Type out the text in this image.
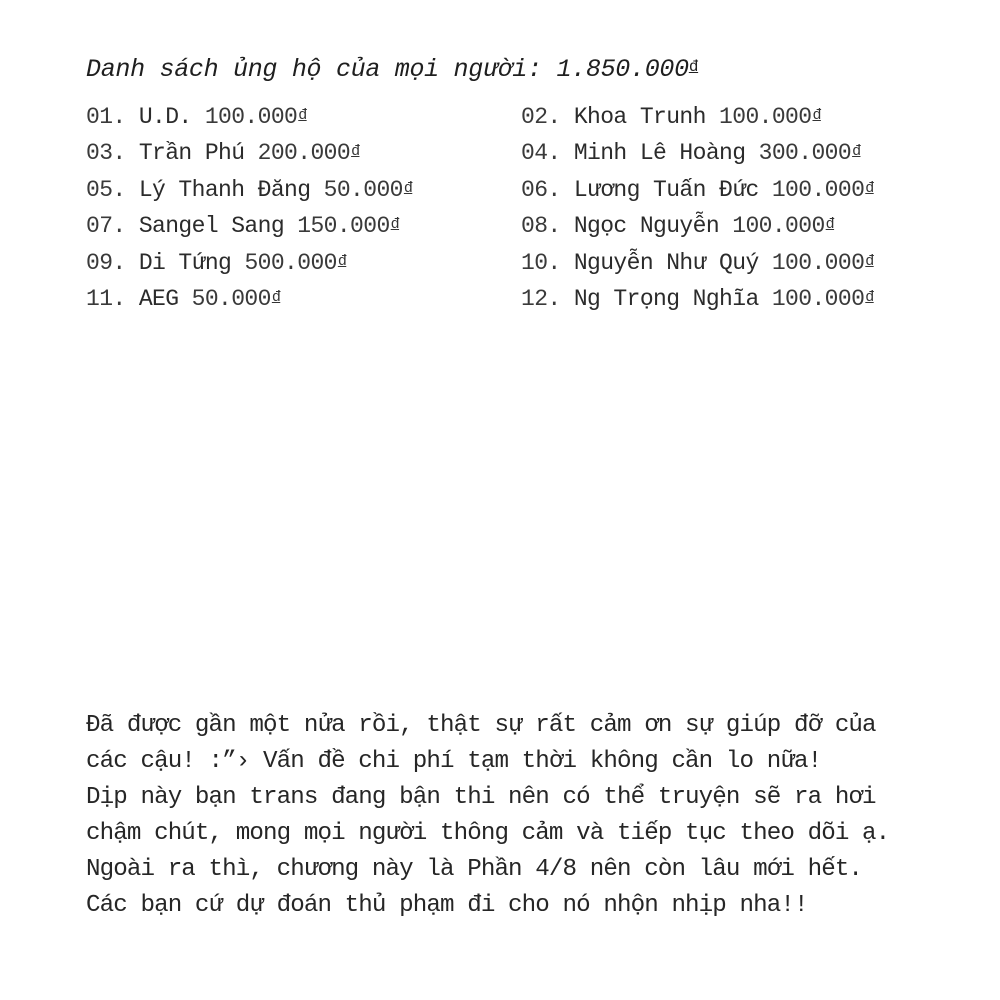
Danh sách ủng hộ của mọi người: $1.850.000^đ$
01. U.D. 100.000đ	02. Khoa Trunh 100.000đ
03. Trần Phú 200.000đ	04. Minh Lê Hoàng 300.000đ
05. Lý Thanh Đăng 50.000đ	06. Lương Tuấn Đức 100.000đ
07. Sangel Sang 150.000đ	08. Ngọc Nguyễn 100.000đ
09. Di Tứng 500.000đ	10. Nguyễn Như Quý 100.000đ
11. AEG 50.000đ	12. Ng Trọng Nghĩa 100.000đ
Đã được gần một nửa rồi, thật sự rất cảm ơn sự giúp đỡ của
các cậu! :”› Vấn đề chi phí tạm thời không cần lo nữa!
Dịp này bạn trans đang bận thi nên có thể truyện sẽ ra hơi
chậm chút, mong mọi người thông cảm và tiếp tục theo dõi ạ.
Ngoài ra thì, chương này là Phần 4/8 nên còn lâu mới hết.
Các bạn cứ dự đoán thủ phạm đi cho nó nhộn nhịp nha!!
